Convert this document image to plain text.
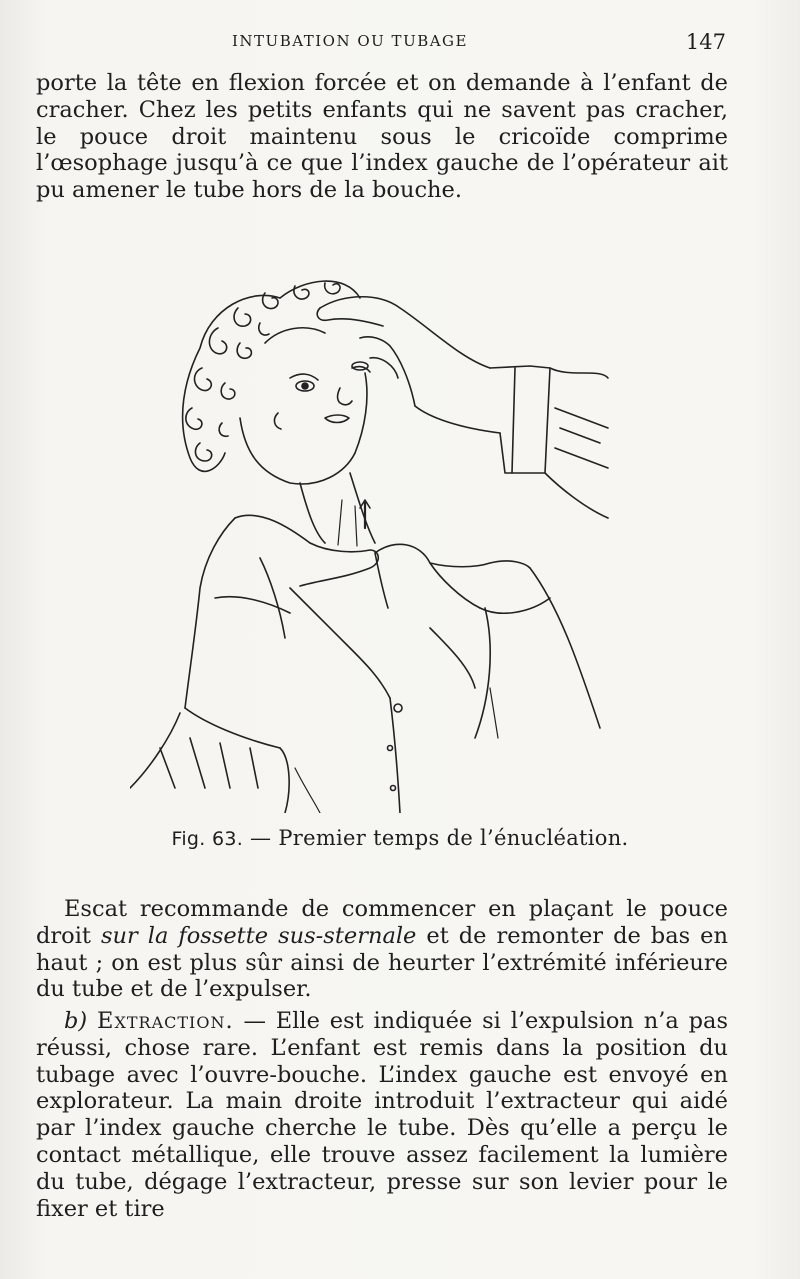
INTUBATION OU TUBAGE	147

porte la tête en flexion forcée et on demande à l’enfant de cracher. Chez les petits enfants qui ne savent pas cracher, le pouce droit maintenu sous le cricoïde comprime l’œsophage jusqu’à ce que l’index gauche de l’opérateur ait pu amener le tube hors de la bouche.

Fig. 63. — Premier temps de l’énucléation.

Escat recommande de commencer en plaçant le pouce droit sur la fossette sus-sternale et de remonter de bas en haut ; on est plus sûr ainsi de heurter l’extrémité inférieure du tube et de l’expulser.

b) Extraction. — Elle est indiquée si l’expulsion n’a pas réussi, chose rare. L’enfant est remis dans la position du tubage avec l’ouvre-bouche. L’index gauche est envoyé en explorateur. La main droite introduit l’extracteur qui aidé par l’index gauche cherche le tube. Dès qu’elle a perçu le contact métallique, elle trouve assez facilement la lumière du tube, dégage l’extracteur, presse sur son levier pour le fixer et tire
